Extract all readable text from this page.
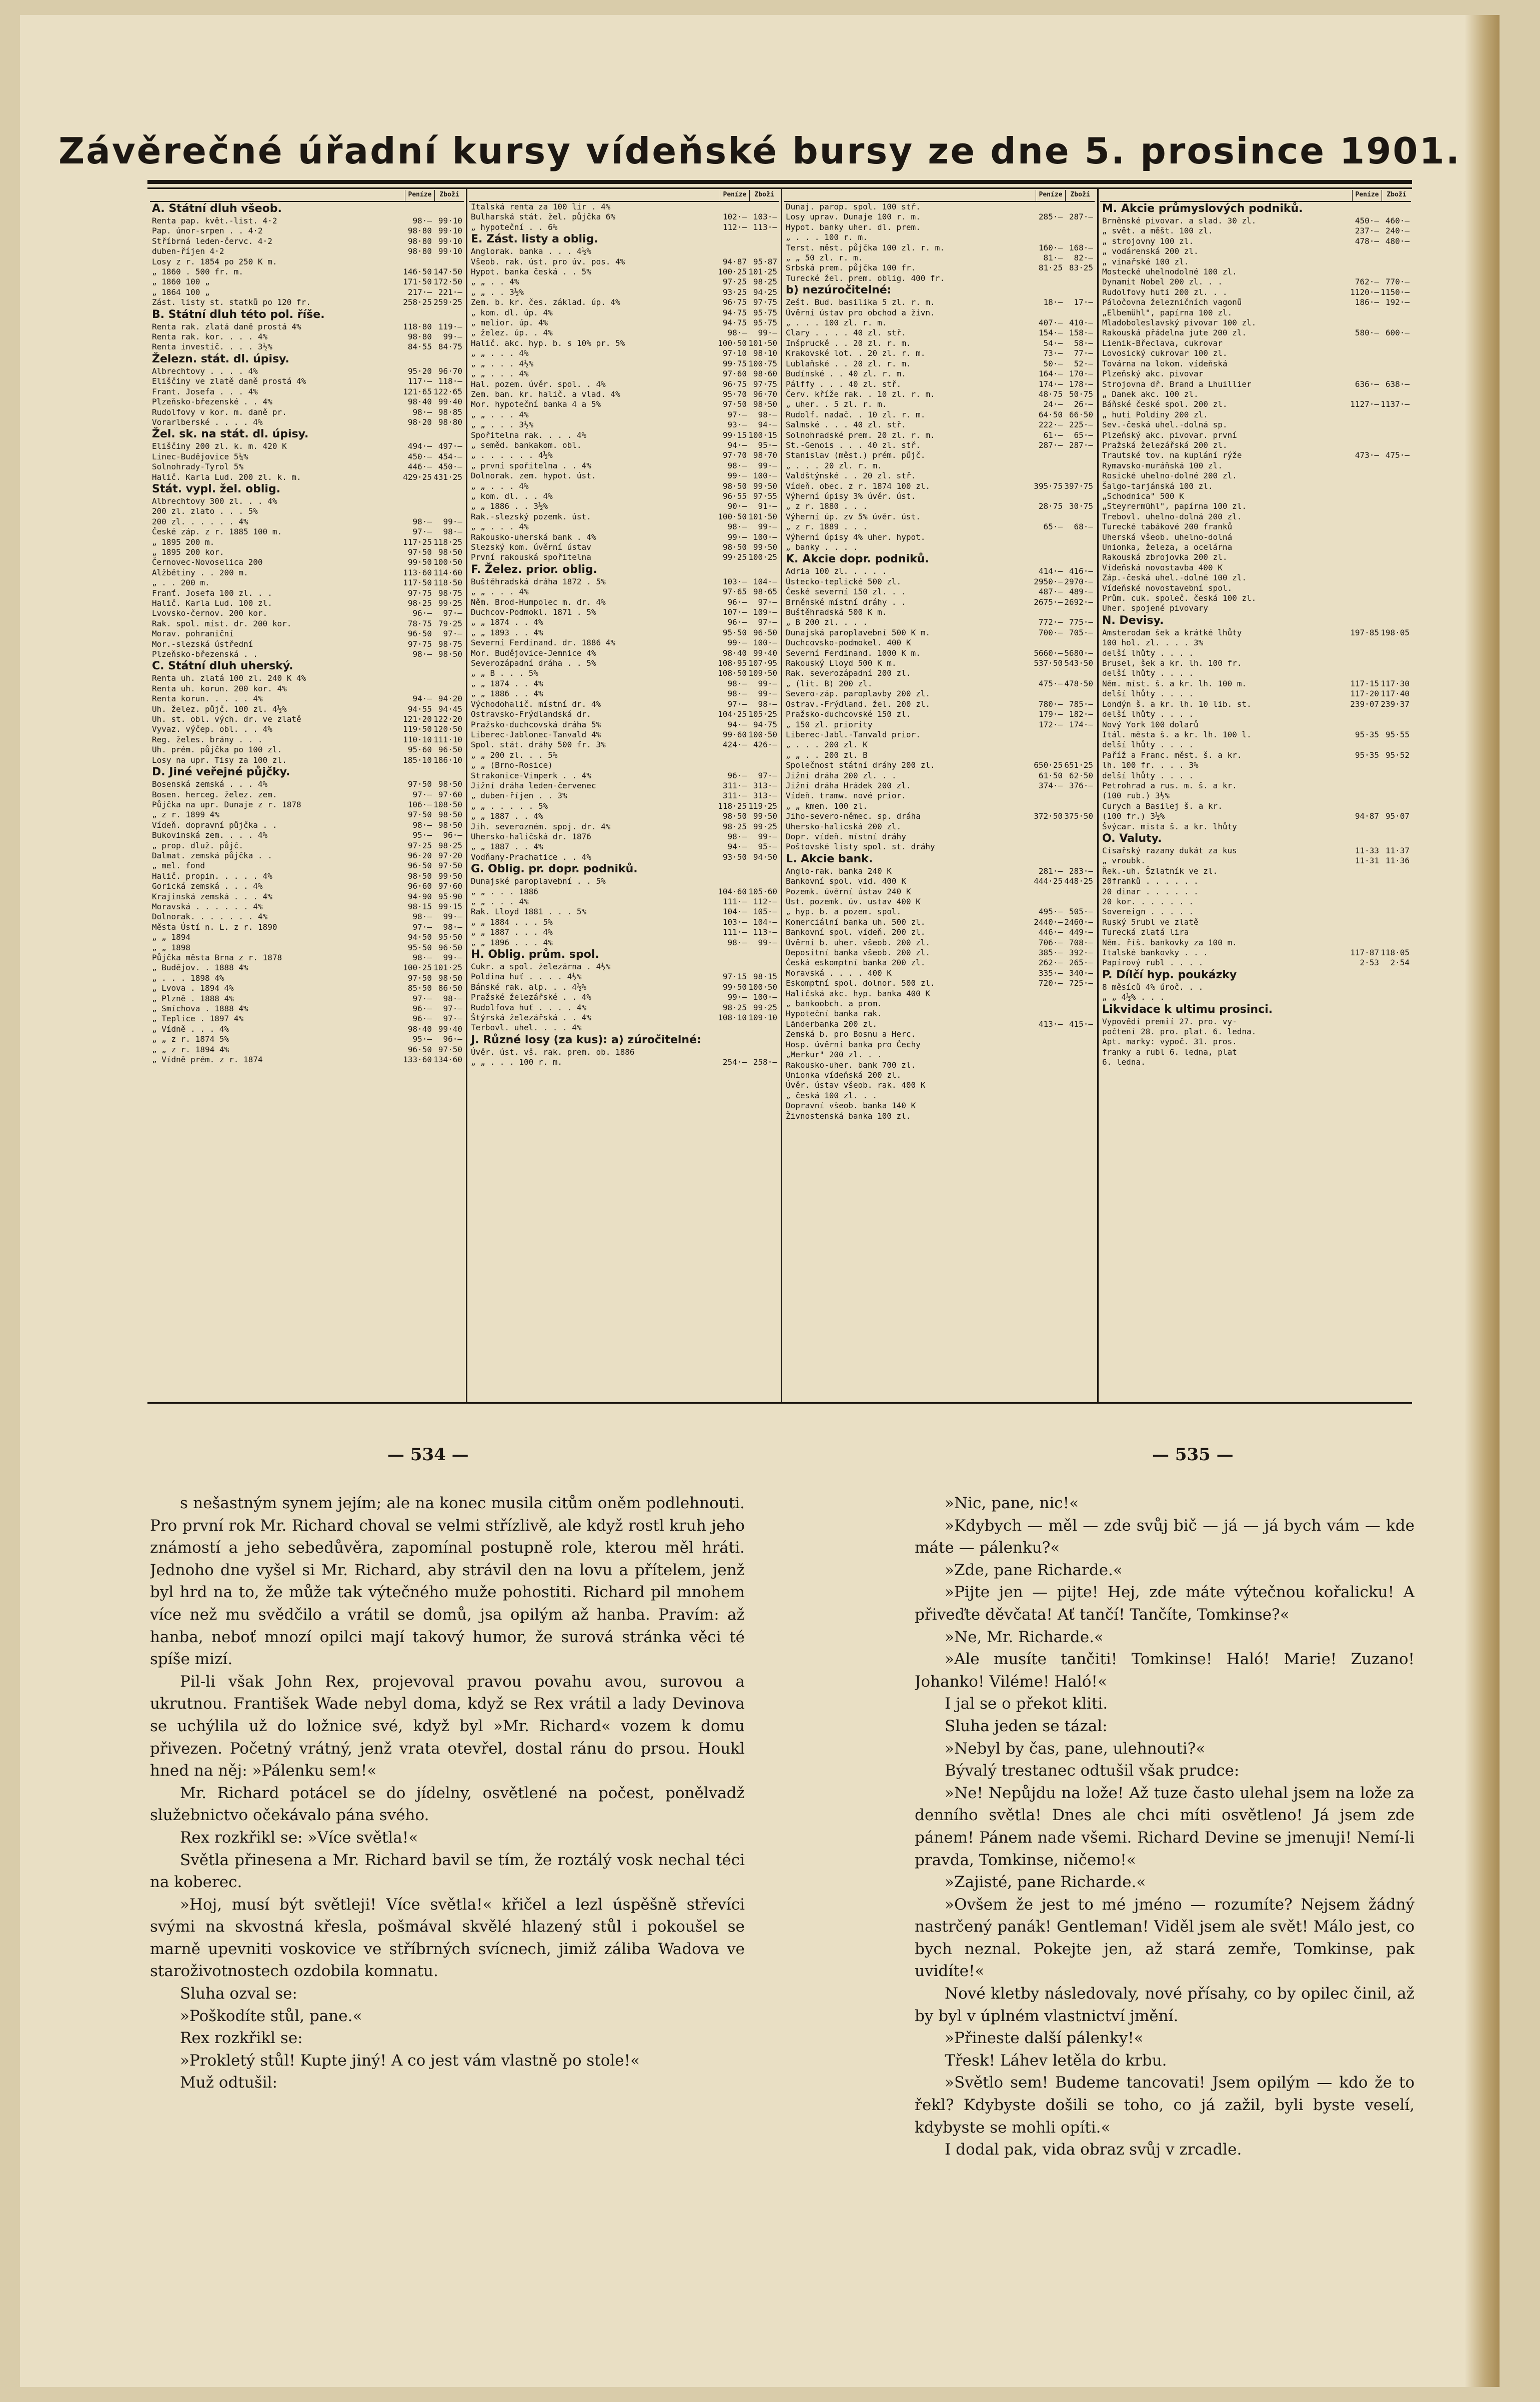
Závěrečné úřadní kursy vídeňské bursy ze dne 5. prosince 1901.
Peníze	Zboží
A. Státní dluh všeob.
Renta pap. květ.-list. 4·2	98·— 99·10
Pap. únor-srpen . . 4·2	98·80 99·10
Stříbrná leden-červc. 4·2	98·80 99·10
duben-říjen 4·2	98·80 99·10
Losy z r. 1854 po 250 K m.
„ 1860 . 500 fr. m.	146·50 147·50
„ 1860 100 „	171·50 172·50
„ 1864 100 „	217·— 221·—
Zást. listy st. statků po 120 fr.	258·25 259·25
B. Státní dluh této pol. říše.
Renta rak. zlatá daně prostá 4%	118·80 119·—
Renta rak. kor. . . . 4%	98·80	99·—
Renta investič. . . . 3½%	84·55 84·75
Železn. stát. dl. úpisy.
Albrechtovy . . . . 4%	95·20 96·70
Eliščiny ve zlatě daně prostá 4%	117·— 118·—
Frant. Josefa . . . 4%	121·65 122·65
Plzeňsko-březenské . . 4%	98·40 99·40
Rudolfovy v kor. m. daně pr.	98·— 98·85
Vorarlberské . . . . 4%	98·20 98·80
Žel. sk. na stát. dl. úpisy.
Eliščiny 200 zl. k. m. 420 K	494·— 497·—
Linec-Budějovice 5¼%	450·— 454·—
Solnohrady-Tyrol 5%	446·— 450·—
Halič. Karla Lud. 200 zl. k. m.	429·25 431·25
Stát. vypl. žel. oblig.
Albrechtovy 300 zl. . . 4%
200 zl. zlato . . . 5%
200 zl. . . . . . 4%	98·—	99·—
České záp. z r. 1885 100 m.	97·—	98·—
„ 1895 200 m.	117·25 118·25
„ 1895 200 kor.	97·50 98·50
Černovec-Novoselica 200	99·50 100·50
Alžbětiny . . 200 m.	113·60 114·60
„ . . 200 m.	117·50 118·50
Franť. Josefa 100 zl. . .	97·75 98·75
Halič. Karla Lud. 100 zl.	98·25 99·25
Lvovsko-černov. 200 kor.	96·—	97·—
Rak. spol. míst. dr. 200 kor.	78·75 79·25
Morav. pohraniční	96·50	97·—
Mor.-slezská ústřední	97·75 98·75
Plzeňsko-březenská . .	98·— 98·50
C. Státní dluh uherský.
Renta uh. zlatá 100 zl. 240 K 4%
Renta uh. korun. 200 kor. 4%
Renta korun. . . . . 4%	94·— 94·20
Uh. želez. půjč. 100 zl. 4½%	94·55 94·45
Uh. st. obl. vých. dr. ve zlatě	121·20 122·20
Vyvaz. výčep. obl. . . 4%	119·50 120·50
Reg. želes. brány . . .	110·10 111·10
Uh. prém. půjčka po 100 zl.	95·60 96·50
Losy na upr. Tisy za 100 zl.	185·10 186·10
D. Jiné veřejné půjčky.
Bosenská zemská . . . 4%	97·50 98·50
Bosen. herceg. želez. zem.	97·— 97·60
Půjčka na upr. Dunaje z r. 1878	106·— 108·50
„ z r. 1899 4%	97·50 98·50
Vídeň. dopravní půjčka . .	98·— 98·50
Bukovinská zem. . . . 4%	95·—	96·—
„ prop. dluž. půjč.	97·25 98·25
Dalmat. zemská půjčka . .	96·20 97·20
„ mel. fond	96·50 97·50
Halič. propin. . . . . 4%	98·50 99·50
Gorická zemská . . . 4%	96·60 97·60
Krajinská zemská . . . 4%	94·90 95·90
Moravská . . . . . . 4%	98·15 99·15
Dolnorak. . . . . . . 4%	98·—	99·—
Města Ústí n. L. z r. 1890	97·—	98·—
„ „ 1894	94·50 95·50
„ „ 1898	95·50 96·50
Půjčka města Brna z r. 1878	98·—	99·—
„ Budějov. . 1888 4%	100·25 101·25
„ . . . 1898 4%	97·50 98·50
„ Lvova . 1894 4%	85·50 86·50
„ Plzně . 1888 4%	97·—	98·—
„ Smíchova . 1888 4%	96·—	97·—
„ Teplice . 1897 4%	96·—	97·—
„ Vídně . . . 4%	98·40 99·40
„ „ z r. 1874 5%	95·—	96·—
„ „ z r. 1894 4%	96·50 97·50
„ Vídně prém. z r. 1874	133·60 134·60
Peníze	Zboží
Italská renta za 100 lir . 4%
Bulharská stát. žel. půjčka 6%	102·— 103·—
„ hypoteční . . 6%	112·— 113·—
E. Zást. listy a oblig.
Anglorak. banka . . . 4½%
Všeob. rak. úst. pro úv. pos. 4%	94·87 95·87
Hypot. banka česká . . 5%	100·25 101·25
„ „ . . 4%	97·25 98·25
„ „ . . 3½%	93·25 94·25
Zem. b. kr. čes. základ. úp. 4%	96·75 97·75
„ kom. dl. úp. 4%	94·75 95·75
„ melior. úp. 4%	94·75 95·75
„ želez. úp. . 4%	98·—	99·—
Halič. akc. hyp. b. s 10% pr. 5%	100·50 101·50
„ „ . . . 4%	97·10 98·10
„ „ . . . 4½%	99·75 100·75
„ „ . . . 4%	97·60 98·60
Hal. pozem. úvěr. spol. . 4%	96·75 97·75
Zem. ban. kr. halič. a vlad. 4%	95·70 96·70
Mor. hypoteční banka 4 a 5%	97·50 98·50
„ „ . . . 4%	97·—	98·—
„ „ . . . 3½%	93·—	94·—
Spořitelna rak. . . . 4%	99·15 100·15
„ seměd. bankakom. obl.	94·—	95·—
„ . . . . . . 4½%	97·70 98·70
„ první spořitelna . . 4%	98·—	99·—
Dolnorak. zem. hypot. úst.	99·— 100·—
„ „ . . . 4%	98·50 99·50
„ kom. dl. . . 4%	96·55 97·55
„ „ 1886 . . 3½%	90·—	91·—
Rak.-slezský pozemk. úst.	100·50 101·50
„ „ . . . 4%	98·—	99·—
Rakousko-uherská bank . 4%	99·— 100·—
Slezský kom. úvěrní ústav	98·50 99·50
První rakouská spořitelna	99·25 100·25
F. Želez. prior. oblig.
Buštěhradská dráha 1872 . 5%	103·— 104·—
„ „ . . . 4%	97·65 98·65
Něm. Brod-Humpolec m. dr. 4%	96·—	97·—
Duchcov-Podmokl. 1871 . 5%	107·— 109·—
„ „ 1874 . . 4%	96·—	97·—
„ „ 1893 . . 4%	95·50 96·50
Severní Ferdinand. dr. 1886 4%	99·— 100·—
Mor. Budějovice-Jemnice 4%	98·40 99·40
Severozápadní dráha . . 5%	108·95 107·95
„ „ B . . . 5%	108·50 109·50
„ „ 1874 . . 4%	98·—	99·—
„ „ 1886 . . 4%	98·—	99·—
Východohalič. místní dr. 4%	97·—	98·—
Ostravsko-Frýdlandská dr.	104·25 105·25
Pražsko-duchcovská dráha 5%	94·— 94·75
Liberec-Jablonec-Tanvald 4%	99·60 100·50
Spol. stát. dráhy 500 fr. 3%	424·— 426·—
„ „ 200 zl. . . 5%
„ „ (Brno-Rosice)
Strakonice-Vimperk . . 4%	96·—	97·—
Jižní dráha leden-červenec	311·— 313·—
„ duben-říjen . . 3%	311·— 313·—
„ „ . . . . . 5%	118·25 119·25
„ „ 1887 . . 4%	98·50 99·50
Jih. severozném. spoj. dr. 4%	98·25 99·25
Uhersko-haličská dr. 1876	98·—	99·—
„ „ 1887 . . 4%	94·—	95·—
Vodňany-Prachatice . . 4%	93·50 94·50
G. Oblig. pr. dopr. podniků.
Dunajské paroplavební . . 5%
„ „ . . . 1886	104·60 105·60
„ „ . . . 4%	111·— 112·—
Rak. Lloyd 1881 . . . 5%	104·— 105·—
„ „ 1884 . . . 5%	103·— 104·—
„ „ 1887 . . . 4%	111·— 113·—
„ „ 1896 . . . 4%	98·—	99·—
H. Oblig. prům. spol.
Cukr. a spol. železárna . 4½%
Poldina huť . . . . 4½%	97·15 98·15
Bánské rak. alp. . . 4½%	99·50 100·50
Pražské železářské . . 4%	99·— 100·—
Rudolfova huť . . . . 4%	98·25 99·25
Štýrská železářská . . 4%	108·10 109·10
Terbovl. uhel. . . . 4%
J. Různé losy (za kus): a) zúročitelné:
Úvěr. úst. vš. rak. prem. ob. 1886
„ „ . . . 100 r. m.	254·— 258·—
Peníze	Zboží
Dunaj. parop. spol. 100 stř.
Losy uprav. Dunaje 100 r. m.	285·— 287·—
Hypot. banky uher. dl. prem.
„ . . . 100 r. m.
Terst. měst. půjčka 100 zl. r. m.	160·— 168·—
„ „ 50 zl. r. m.	81·—	82·—
Srbská prem. půjčka 100 fr.	81·25 83·25
Turecké žel. prem. oblig. 400 fr.
b) nezúročitelné:
Zešt. Bud. basilika 5 zl. r. m.	18·—	17·—
Úvěrní ústav pro obchod a živn.
„ . . . 100 zl. r. m.	407·— 410·—
Clary . . . . 40 zl. stř.	154·— 158·—
Inšpruckě . . 20 zl. r. m.	54·—	58·—
Krakovské lot. . 20 zl. r. m.	73·—	77·—
Lublaňské . . 20 zl. r. m.	50·—	52·—
Budínské . . 40 zl. r. m.	164·— 170·—
Pálffy . . . 40 zl. stř.	174·— 178·—
Červ. kříže rak. . 10 zl. r. m.	48·75 50·75
„ uher. . 5 zl. r. m.	24·—	26·—
Rudolf. nadač. . 10 zl. r. m.	64·50 66·50
Salmské . . . 40 zl. stř.	222·— 225·—
Solnohradské prem. 20 zl. r. m.	61·—	65·—
St.-Genois . . . 40 zl. stř.	287·— 287·—
Stanislav (měst.) prém. půjč.
„ . . . 20 zl. r. m.
Valdštýnské . . 20 zl. stř.
Vídeň. obec. z r. 1874 100 zl.	395·75 397·75
Výherní úpisy 3% úvěr. úst.
„ z r. 1880 . . .	28·75 30·75
Výherní úp. zv 5% úvěr. úst.
„ z r. 1889 . . .	65·—	68·—
Výherní úpisy 4% uher. hypot.
„ banky . . . .
K. Akcie dopr. podniků.
Adria 100 zl. . . . .	414·— 416·—
Ústecko-teplické 500 zl.	2950·— 2970·—
České severní 150 zl. . .	487·— 489·—
Brněnské místní dráhy . .	2675·— 2692·—
Buštěhradská 500 K m.
„ B 200 zl. . . .	772·— 775·—
Dunajská paroplavební 500 K m.	700·— 705·—
Duchcovsko-podmokel. 400 K
Severní Ferdinand. 1000 K m.	5660·— 5680·—
Rakouský Lloyd 500 K m.	537·50 543·50
Rak. severozápadní 200 zl.
„ (lit. B) 200 zl.	475·— 478·50
Severo-záp. paroplavby 200 zl.
Ostrav.-Frýdland. žel. 200 zl.	780·— 785·—
Pražsko-duchcovské 150 zl.	179·— 182·—
„ 150 zl. priority	172·— 174·—
Liberec-Jabl.-Tanvald prior.
„ . . . 200 zl. K
„ „ . . 200 zl. B
Společnost státní dráhy 200 zl.	650·25 651·25
Jižní dráha 200 zl. . .	61·50 62·50
Jižní dráha Hrádek 200 zl.	374·— 376·—
Vídeň. tramw. nové prior.
„ „ kmen. 100 zl.
Jiho-severo-němec. sp. dráha	372·50 375·50
Uhersko-halicská 200 zl.
Dopr. vídeň. místní dráhy
Poštovské listy spol. st. dráhy
L. Akcie bank.
Anglo-rak. banka 240 K	281·— 283·—
Bankovní spol. vid. 400 K	444·25 448·25
Pozemk. úvěrní ústav 240 K
Úst. pozemk. úv. ustav 400 K
„ hyp. b. a pozem. spol.	495·— 505·—
Komerciální banka uh. 500 zl.	2440·— 2460·—
Bankovní spol. vídeň. 200 zl.	446·— 449·—
Úvěrní b. uher. všeob. 200 zl.	706·— 708·—
Depositní banka všeob. 200 zl.	385·— 392·—
Česká eskomptní banka 200 zl.	262·— 265·—
Moravská . . . . 400 K	335·— 340·—
Eskomptní spol. dolnor. 500 zl.	720·— 725·—
Haličská akc. hyp. banka 400 K
„ bankoobch. a prom.
Hypoteční banka rak.
Länderbanka 200 zl.	413·— 415·—
Zemská b. pro Bosnu a Herc.
Hosp. úvěrní banka pro Čechy
„Merkur" 200 zl. . .
Rakousko-uher. bank 700 zl.
Unionka vídeňská 200 zl.
Úvěr. ústav všeob. rak. 400 K
„ česká 100 zl. . .
Dopravní všeob. banka 140 K
Živnostenská banka 100 zl.
Peníze	Zboží
M. Akcie průmyslových podniků.
Brněnské pivovar. a slad. 30 zl.	450·— 460·—
„ svět. a měšt. 100 zl.	237·— 240·—
„ strojovny 100 zl.	478·— 480·—
„ vodárenská 200 zl.
„ vinařské 100 zl.
Mostecké uhelnodolné 100 zl.
Dynamit Nobel 200 zl. . .	762·— 770·—
Rudolfovy huti 200 zl. . .	1120·— 1150·—
Páločovna železničních vagonů	186·— 192·—
„Elbemühl", papírna 100 zl.
Mladoboleslavský pivovar 100 zl.
Rakouská přádelna jute 200 zl.	580·— 600·—
Lienik-Břeclava, cukrovar
Lovosický cukrovar 100 zl.
Továrna na lokom. vídeňská
Plzeňský akc. pivovar
Strojovna dř. Brand a Lhuillier	636·— 638·—
„ Danek akc. 100 zl.
Báňské české spol. 200 zl.	1127·— 1137·—
„ huti Poldiny 200 zl.
Sev.-česká uhel.-dolná sp.
Plzeňský akc. pivovar. první
Pražská železářská 200 zl.
Trautské tov. na kuplání rýže	473·— 475·—
Rymavsko-muráňská 100 zl.
Rosické uhelno-dolné 200 zl.
Šalgo-tarjánská 100 zl.
„Schodnica" 500 K
„Steyrermühl", papírna 100 zl.
Trebovl. uhelno-dolná 200 zl.
Turecké tabákové 200 franků
Uherská všeob. uhelno-dolná
Unionka, železa, a ocelárna
Rakouská zbrojovka 200 zl.
Vídeňská novostavba 400 K
Záp.-česká uhel.-dolné 100 zl.
Vídeňské novostavební spol.
Prům. cuk. společ. česká 100 zl.
Uher. spojené pivovary
N. Devisy.
Amsterodam šek a krátké lhůty	197·85 198·05
100 hol. zl. . . . 3%
delší lhůty . . . .
Brusel, šek a kr. lh. 100 fr.
delší lhůty . . . .
Něm. míst. š. a kr. lh. 100 m.	117·15 117·30
delší lhůty . . . .	117·20 117·40
Londýn š. a kr. lh. 10 lib. st.	239·07 239·37
delší lhůty . . . .
Nový York 100 dolarů
Itál. města š. a kr. lh. 100 l.	95·35 95·55
delší lhůty . . . .
Paříž a Franc. měst. š. a kr.	95·35 95·52
lh. 100 fr. . . . 3%
delší lhůty . . . .
Petrohrad a rus. m. š. a kr.
(100 rub.) 3½%
Curych a Basilej š. a kr.
(100 fr.) 3½%	94·87 95·07
Švýcar. mista š. a kr. lhůty
O. Valuty.
Císařský razany dukát za kus	11·33 11·37
„ vroubk.	11·31 11·36
Řek.-uh. Šzlatník ve zl.
20franků . . . . . .
20 dinar . . . . . .
20 kor. . . . . . .
Sovereign . . . . .
Ruský 5rubl ve zlatě
Turecká zlatá lira
Něm. říš. bankovky za 100 m.
Italské bankovky . . .	117·87 118·05
Papírový rubl . . . .	2·53	2·54
P. Dílčí hyp. poukázky
8 měsíců 4% úroč. . .
„ „ 4½% . . .
Likvidace k ultimu prosinci.
Vypovědí premií 27. pro. vy-
počtení 28. pro. plat. 6. ledna.
Apt. marky: vypoč. 31. pros.
franky a rubl 6. ledna, plat
6. ledna.
— 534 —	— 535 —

s nešastným synem jejím; ale na konec musila citům oněm podlehnouti. Pro první rok Mr. Richard choval se velmi střízlivě, ale když rostl kruh jeho známostí a jeho sebedůvěra, zapomínal postupně role, kterou měl hráti. Jednoho dne vyšel si Mr. Richard, aby strávil den na lovu a přítelem, jenž byl hrd na to, že může tak výtečného muže pohostiti. Richard pil mnohem více než mu svědčilo a vrátil se domů, jsa opilým až hanba. Pravím: až hanba, neboť mnozí opilci mají takový humor, že surová stránka věci té spíše mizí.

Pil-li však John Rex, projevoval pravou povahu avou, surovou a ukrutnou. František Wade nebyl doma, když se Rex vrátil a lady Devinova se uchýlila už do ložnice své, když byl »Mr. Richard« vozem k domu přivezen. Početný vrátný, jenž vrata otevřel, dostal ránu do prsou. Houkl hned na něj: »Pálenku sem!«

Mr. Richard potácel se do jídelny, osvětlené na počest, ponělvadž služebnictvo očekávalo pána svého.

Rex rozkřikl se: »Více světla!«

Světla přinesena a Mr. Richard bavil se tím, že roztálý vosk nechal téci na koberec.

»Hoj, musí být světleji! Více světla!« křičel a lezl úspěšně střevíci svými na skvostná křesla, pošmával skvělé hlazený stůl i pokoušel se marně upevniti voskovice ve stříbrných svícnech, jimiž záliba Wadova ve staroživotnostech ozdobila komnatu.

Sluha ozval se:

»Poškodíte stůl, pane.«

Rex rozkřikl se:

»Prokletý stůl! Kupte jiný! A co jest vám vlastně po stole!«

Muž odtušil:

»Nic, pane, nic!«

»Kdybych — měl — zde svůj bič — já — já bych vám — kde máte — pálenku?«

»Zde, pane Richarde.«

»Pijte jen — pijte! Hej, zde máte výtečnou kořalicku! A přiveďte děvčata! Ať tančí! Tančíte, Tomkinse?«

»Ne, Mr. Richarde.«

»Ale musíte tančiti! Tomkinse! Haló! Marie! Zuzano! Johanko! Viléme! Haló!«

I jal se o překot kliti.

Sluha jeden se tázal:

»Nebyl by čas, pane, ulehnouti?«

Bývalý trestanec odtušil však prudce:

»Ne! Nepůjdu na lože! Až tuze často ulehal jsem na lože za denního světla! Dnes ale chci míti osvětleno! Já jsem zde pánem! Pánem nade všemi. Richard Devine se jmenuji! Nemí-li pravda, Tomkinse, ničemo!«

»Zajisté, pane Richarde.«

»Ovšem že jest to mé jméno — rozumíte? Nejsem žádný nastrčený panák! Gentleman! Viděl jsem ale svět! Málo jest, co bych neznal. Pokejte jen, až stará zemře, Tomkinse, pak uvidíte!«

Nové kletby následovaly, nové přísahy, co by opilec činil, až by byl v úplném vlastnictví jmění.

»Přineste další pálenky!«

Třesk! Láhev letěla do krbu.

»Světlo sem! Budeme tancovati! Jsem opilým — kdo že to řekl? Kdybyste došili se toho, co já zažil, byli byste veselí, kdybyste se mohli opíti.«

I dodal pak, vida obraz svůj v zrcadle.
